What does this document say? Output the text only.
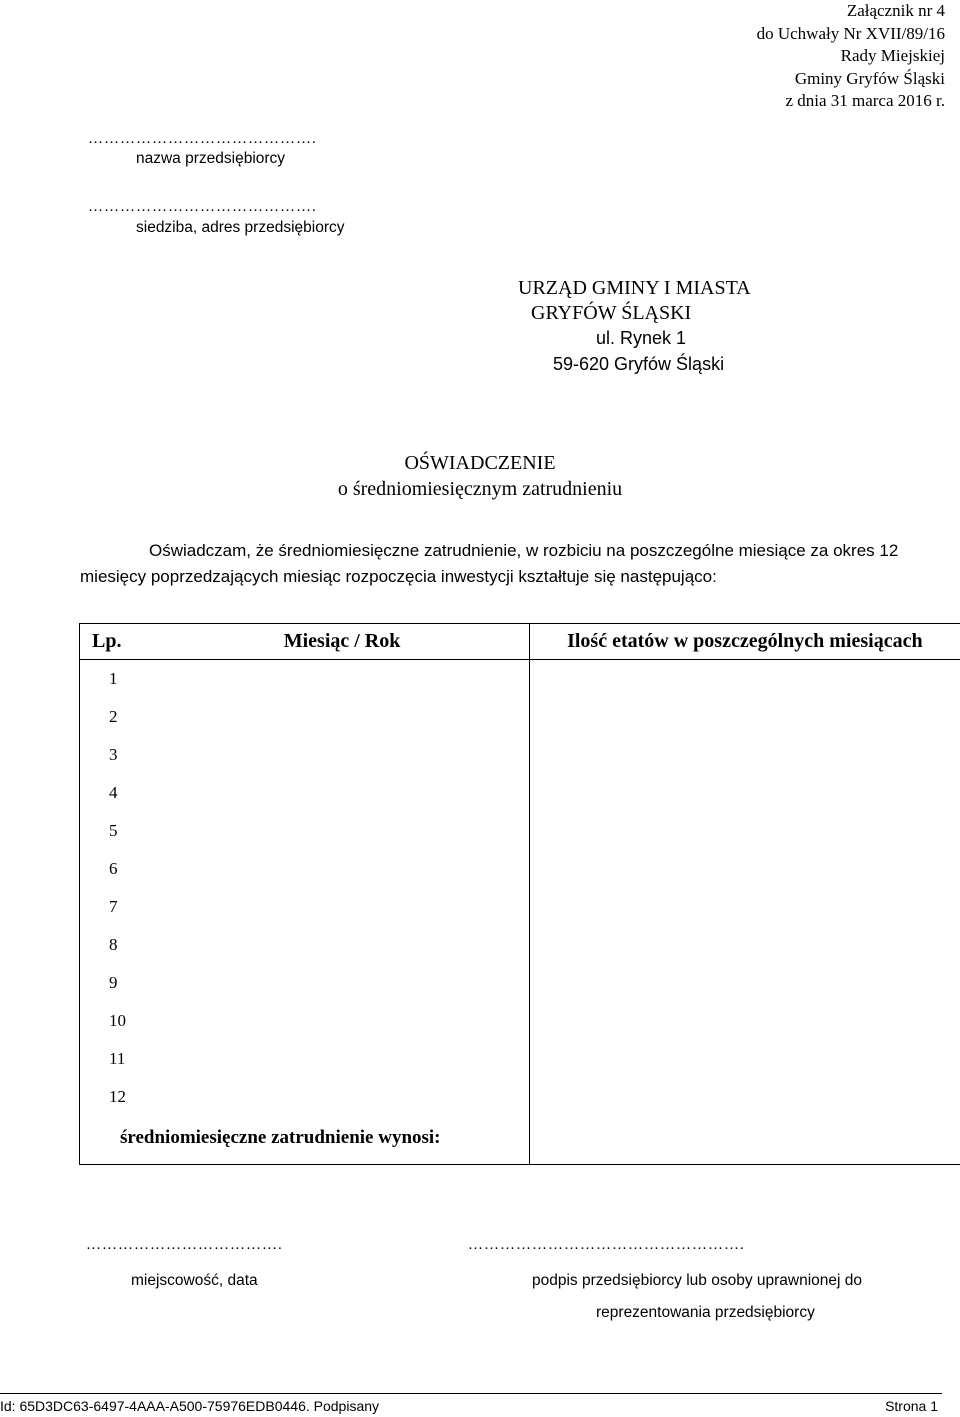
Załącznik nr 4
do Uchwały Nr XVII/89/16
Rady Miejskiej
Gminy Gryfów Śląski
z dnia 31 marca 2016 r.
…………………………………….
nazwa przedsiębiorcy
…………………………………….
siedziba, adres przedsiębiorcy
URZĄD GMINY I MIASTA
GRYFÓW ŚLĄSKI
ul. Rynek 1
59-620 Gryfów Śląski
OŚWIADCZENIE
o średniomiesięcznym zatrudnieniu

Oświadczam, że średniomiesięczne zatrudnienie, w rozbiciu na poszczególne miesiące za okres 12 miesięcy poprzedzających miesiąc rozpoczęcia inwestycji kształtuje się następująco:

Lp.	Miesiąc / Rok	Ilość etatów w poszczególnych miesiącach
1		
2		
3		
4		
5		
6		
7		
8		
9		
10		
11		
12		
średniomiesięczne zatrudnienie wynosi:		
……………………………….
miejscowość, data
…………………………………………….
podpis przedsiębiorcy lub osoby uprawnionej do
reprezentowania przedsiębiorcy
Id: 65D3DC63-6497-4AAA-A500-75976EDB0446. Podpisany	Strona 1
